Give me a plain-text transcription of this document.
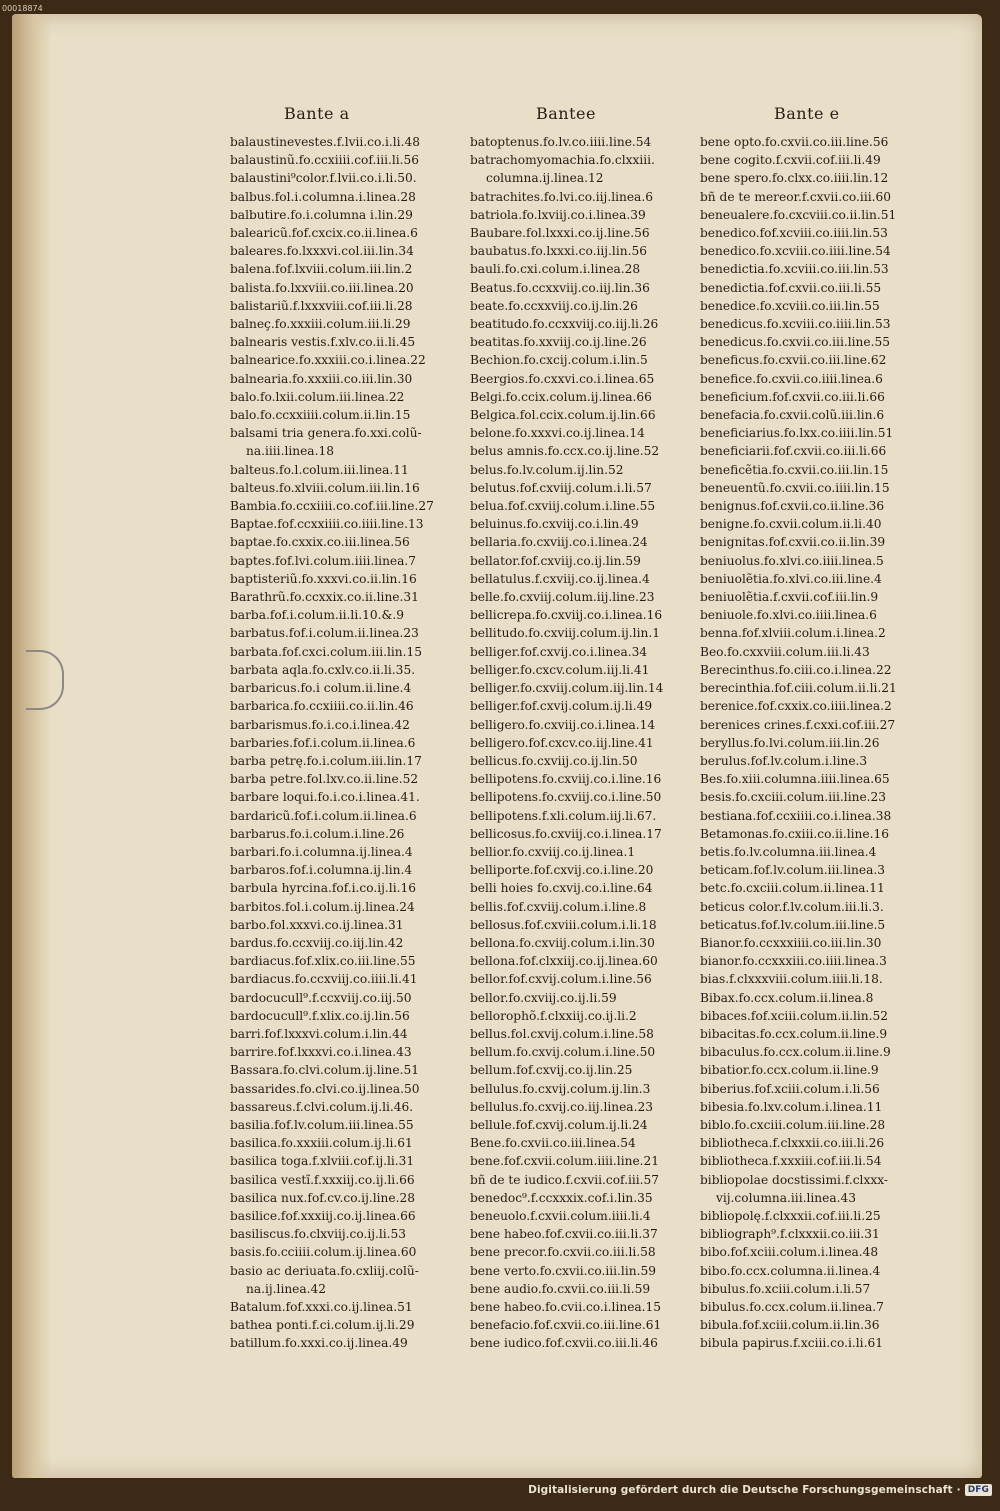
00018874
Bante a	Bantee	Bante e
balaustinevestes.f.lvii.co.i.li.48
balaustinũ.fo.ccxiiii.cof.iii.li.56
balaustini⁹color.f.lvii.co.i.li.50.
balbus.fol.i.columna.i.linea.28
balbutire.fo.i.columna i.lin.29
balearicũ.fof.cxcix.co.ii.linea.6
baleares.fo.lxxxvi.col.iii.lin.34
balena.fof.lxviii.colum.iii.lin.2
balista.fo.lxxviii.co.iii.linea.20
balistariũ.f.lxxxviii.cof.iii.li.28
balneç.fo.xxxiii.colum.iii.li.29
balnearis vestis.f.xlv.co.ii.li.45
balnearice.fo.xxxiii.co.i.linea.22
balnearia.fo.xxxiii.co.iii.lin.30
balo.fo.lxii.colum.iii.linea.22
balo.fo.ccxxiiii.colum.ii.lin.15
balsami tria genera.fo.xxi.colũ-
na.iiii.linea.18
balteus.fo.l.colum.iii.linea.11
balteus.fo.xlviii.colum.iii.lin.16
Bambia.fo.ccxiiii.co.cof.iii.line.27
Baptae.fof.ccxxiiii.co.iiii.line.13
baptae.fo.cxxix.co.iii.linea.56
baptes.fof.lvi.colum.iiii.linea.7
baptisteriũ.fo.xxxvi.co.ii.lin.16
Barathrũ.fo.ccxxix.co.ii.line.31
barba.fof.i.colum.ii.li.10.&.9
barbatus.fof.i.colum.ii.linea.23
barbata.fof.cxci.colum.iii.lin.15
barbata aqla.fo.cxlv.co.ii.li.35.
barbaricus.fo.i colum.ii.line.4
barbarica.fo.ccxiiii.co.ii.lin.46
barbarismus.fo.i.co.i.linea.42
barbaries.fof.i.colum.ii.linea.6
barba petrę.fo.i.colum.iii.lin.17
barba petre.fol.lxv.co.ii.line.52
barbare loqui.fo.i.co.i.linea.41.
bardaricũ.fof.i.colum.ii.linea.6
barbarus.fo.i.colum.i.line.26
barbari.fo.i.columna.ij.linea.4
barbaros.fof.i.columna.ij.lin.4
barbula hyrcina.fof.i.co.ij.li.16
barbitos.fol.i.colum.ij.linea.24
barbo.fol.xxxvi.co.ij.linea.31
bardus.fo.ccxviij.co.iij.lin.42
bardiacus.fof.xlix.co.iii.line.55
bardiacus.fo.ccxviij.co.iiii.li.41
bardocucull⁹.f.ccxviij.co.iij.50
bardocucull⁹.f.xlix.co.ij.lin.56
barri.fof.lxxxvi.colum.i.lin.44
barrire.fof.lxxxvi.co.i.linea.43
Bassara.fo.clvi.colum.ij.line.51
bassarides.fo.clvi.co.ij.linea.50
bassareus.f.clvi.colum.ij.li.46.
basilia.fof.lv.colum.iii.linea.55
basilica.fo.xxxiii.colum.ij.li.61
basilica toga.f.xlviii.cof.ij.li.31
basilica vestĩ.f.xxxiij.co.ij.li.66
basilica nux.fof.cv.co.ij.line.28
basilice.fof.xxxiij.co.ij.linea.66
basiliscus.fo.clxviij.co.ij.li.53
basis.fo.cciiii.colum.ij.linea.60
basio ac deriuata.fo.cxliij.colũ-
na.ij.linea.42
Batalum.fof.xxxi.co.ij.linea.51
bathea ponti.f.ci.colum.ij.li.29
batillum.fo.xxxi.co.ij.linea.49
batoptenus.fo.lv.co.iiii.line.54
batrachomyomachia.fo.clxxiii.
columna.ij.linea.12
batrachites.fo.lvi.co.iij.linea.6
batriola.fo.lxviij.co.i.linea.39
Baubare.fol.lxxxi.co.ij.line.56
baubatus.fo.lxxxi.co.iij.lin.56
bauli.fo.cxi.colum.i.linea.28
Beatus.fo.ccxxviij.co.iij.lin.36
beate.fo.ccxxviij.co.ij.lin.26
beatitudo.fo.ccxxviij.co.iij.li.26
beatitas.fo.xxviij.co.ij.line.26
Bechion.fo.cxcij.colum.i.lin.5
Beergios.fo.cxxvi.co.i.linea.65
Belgi.fo.ccix.colum.ij.linea.66
Belgica.fol.ccix.colum.ij.lin.66
belone.fo.xxxvi.co.ij.linea.14
belus amnis.fo.ccx.co.ij.line.52
belus.fo.lv.colum.ij.lin.52
belutus.fof.cxviij.colum.i.li.57
belua.fof.cxviij.colum.i.line.55
beluinus.fo.cxviij.co.i.lin.49
bellaria.fo.cxviij.co.i.linea.24
bellator.fof.cxviij.co.ij.lin.59
bellatulus.f.cxviij.co.ij.linea.4
belle.fo.cxviij.colum.iij.line.23
bellicrepa.fo.cxviij.co.i.linea.16
bellitudo.fo.cxviij.colum.ij.lin.1
belliger.fof.cxvij.co.i.linea.34
belliger.fo.cxcv.colum.iij.li.41
belliger.fo.cxviij.colum.iij.lin.14
belliger.fof.cxvij.colum.ij.li.49
belligero.fo.cxviij.co.i.linea.14
belligero.fof.cxcv.co.iij.line.41
bellicus.fo.cxviij.co.ij.lin.50
bellipotens.fo.cxviij.co.i.line.16
bellipotens.fo.cxviij.co.i.line.50
bellipotens.f.xli.colum.iij.li.67.
bellicosus.fo.cxviij.co.i.linea.17
bellior.fo.cxviij.co.ij.linea.1
belliporte.fof.cxvij.co.i.line.20
belli hoies fo.cxvij.co.i.line.64
bellis.fof.cxviij.colum.i.line.8
bellosus.fof.cxviii.colum.i.li.18
bellona.fo.cxviij.colum.i.lin.30
bellona.fof.clxxiij.co.ij.linea.60
bellor.fof.cxvij.colum.i.line.56
bellor.fo.cxviij.co.ij.li.59
bellorophõ.f.clxxiij.co.ij.li.2
bellus.fol.cxvij.colum.i.line.58
bellum.fo.cxvij.colum.i.line.50
bellum.fof.cxvij.co.ij.lin.25
bellulus.fo.cxvij.colum.ij.lin.3
bellulus.fo.cxvij.co.iij.linea.23
bellule.fof.cxvij.colum.ij.li.24
Bene.fo.cxvii.co.iii.linea.54
bene.fof.cxvii.colum.iiii.line.21
bñ de te iudico.f.cxvii.cof.iii.57
benedoc⁹.f.ccxxxix.cof.i.lin.35
beneuolo.f.cxvii.colum.iiii.li.4
bene habeo.fof.cxvii.co.iii.li.37
bene precor.fo.cxvii.co.iii.li.58
bene verto.fo.cxvii.co.iii.lin.59
bene audio.fo.cxvii.co.iii.li.59
bene habeo.fo.cvii.co.i.linea.15
benefacio.fof.cxvii.co.iii.line.61
bene iudico.fof.cxvii.co.iii.li.46
bene opto.fo.cxvii.co.iii.line.56
bene cogito.f.cxvii.cof.iii.li.49
bene spero.fo.clxx.co.iiii.lin.12
bñ de te mereor.f.cxvii.co.iii.60
beneualere.fo.cxcviii.co.ii.lin.51
benedico.fof.xcviii.co.iiii.lin.53
benedico.fo.xcviii.co.iiii.line.54
benedictia.fo.xcviii.co.iii.lin.53
benedictia.fof.cxvii.co.iii.li.55
benedice.fo.xcviii.co.iii.lin.55
benedicus.fo.xcviii.co.iiii.lin.53
benedicus.fo.cxvii.co.iii.line.55
beneficus.fo.cxvii.co.iii.line.62
benefice.fo.cxvii.co.iiii.linea.6
beneficium.fof.cxvii.co.iii.li.66
benefacia.fo.cxvii.colũ.iii.lin.6
beneficiarius.fo.lxx.co.iiii.lin.51
beneficiarii.fof.cxvii.co.iii.li.66
beneficẽtia.fo.cxvii.co.iii.lin.15
beneuentũ.fo.cxvii.co.iiii.lin.15
benignus.fof.cxvii.co.ii.line.36
benigne.fo.cxvii.colum.ii.li.40
benignitas.fof.cxvii.co.ii.lin.39
beniuolus.fo.xlvi.co.iiii.linea.5
beniuolẽtia.fo.xlvi.co.iii.line.4
beniuolẽtia.f.cxvii.cof.iii.lin.9
beniuole.fo.xlvi.co.iiii.linea.6
benna.fof.xlviii.colum.i.linea.2
Beo.fo.cxxviii.colum.iii.li.43
Berecinthus.fo.ciii.co.i.linea.22
berecinthia.fof.ciii.colum.ii.li.21
berenice.fof.cxxix.co.iiii.linea.2
berenices crines.f.cxxi.cof.iii.27
beryllus.fo.lvi.colum.iii.lin.26
berulus.fof.lv.colum.i.line.3
Bes.fo.xiii.columna.iiii.linea.65
besis.fo.cxciii.colum.iii.line.23
bestiana.fof.ccxiiii.co.i.linea.38
Betamonas.fo.cxiii.co.ii.line.16
betis.fo.lv.columna.iii.linea.4
beticam.fof.lv.colum.iii.linea.3
betc.fo.cxciii.colum.ii.linea.11
beticus color.f.lv.colum.iii.li.3.
beticatus.fof.lv.colum.iii.line.5
Bianor.fo.ccxxxiiii.co.iii.lin.30
bianor.fo.ccxxxiii.co.iiii.linea.3
bias.f.clxxxviii.colum.iiii.li.18.
Bibax.fo.ccx.colum.ii.linea.8
bibaces.fof.xciii.colum.ii.lin.52
bibacitas.fo.ccx.colum.ii.line.9
bibaculus.fo.ccx.colum.ii.line.9
bibatior.fo.ccx.colum.ii.line.9
biberius.fof.xciii.colum.i.li.56
bibesia.fo.lxv.colum.i.linea.11
biblo.fo.cxciii.colum.iii.line.28
bibliotheca.f.clxxxii.co.iii.li.26
bibliotheca.f.xxxiii.cof.iii.li.54
bibliopolae docstissimi.f.clxxx-
vij.columna.iii.linea.43
bibliopolę.f.clxxxii.cof.iii.li.25
bibliograph⁹.f.clxxxii.co.iii.31
bibo.fof.xciii.colum.i.linea.48
bibo.fo.ccx.columna.ii.linea.4
bibulus.fo.xciii.colum.i.li.57
bibulus.fo.ccx.colum.ii.linea.7
bibula.fof.xciii.colum.ii.lin.36
bibula papirus.f.xciii.co.i.li.61
Digitalisierung gefördert durch die Deutsche Forschungsgemeinschaft · DFG
